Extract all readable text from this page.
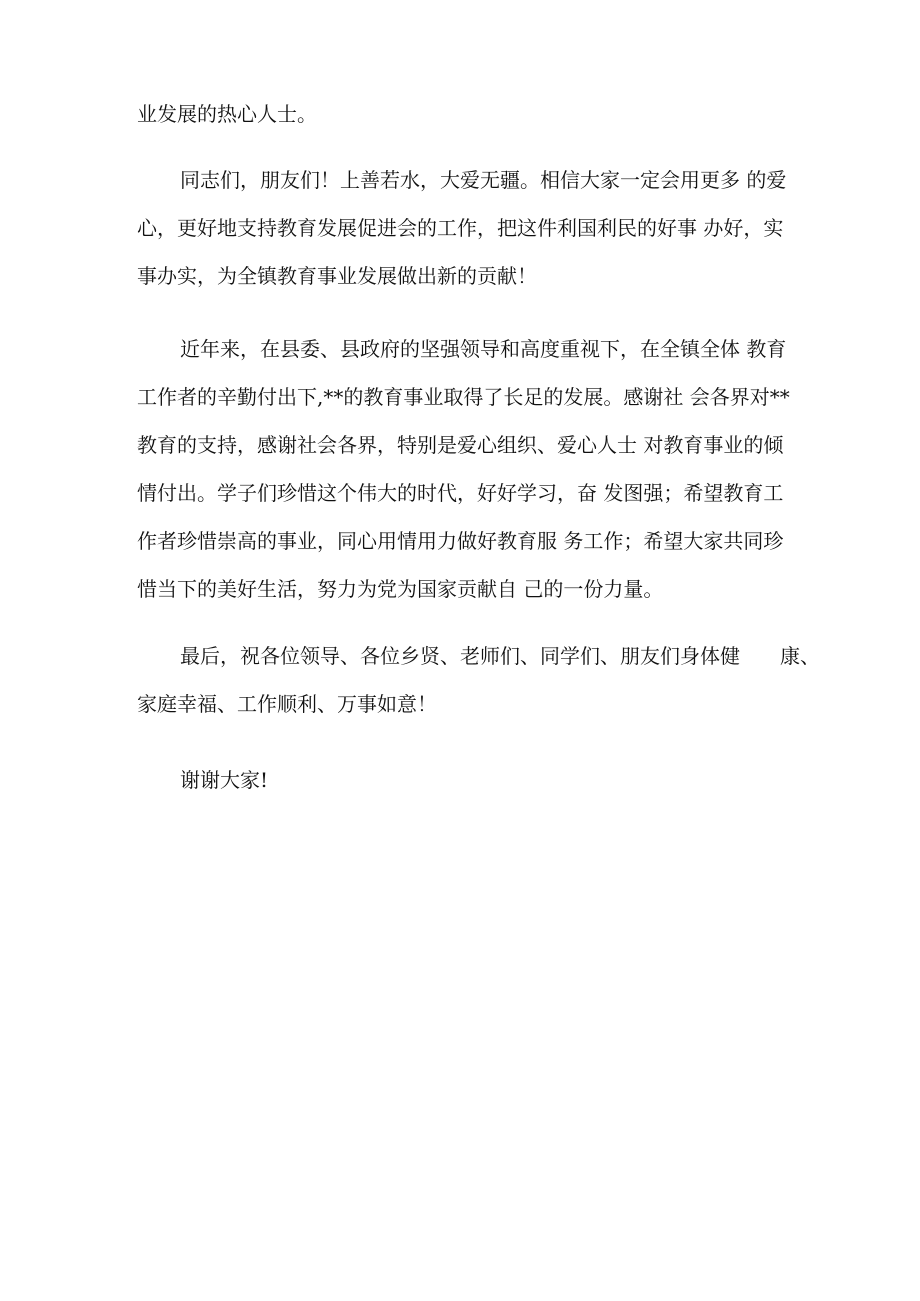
业发展的热心人士。
同志们，朋友们！上善若水，大爱无疆。相信大家一定会用更多 的爱
心，更好地支持教育发展促进会的工作，把这件利国利民的好事 办好，实
事办实，为全镇教育事业发展做出新的贡献！
近年来，在县委、县政府的坚强领导和高度重视下，在全镇全体 教育
工作者的辛勤付出下,**的教育事业取得了长足的发展。感谢社 会各界对**
教育的支持，感谢社会各界，特别是爱心组织、爱心人士 对教育事业的倾
情付出。学子们珍惜这个伟大的时代，好好学习，奋 发图强；希望教育工
作者珍惜崇高的事业，同心用情用力做好教育服 务工作；希望大家共同珍
惜当下的美好生活，努力为党为国家贡献自 己的一份力量。
最后，祝各位领导、各位乡贤、老师们、同学们、朋友们身体健　　康、
家庭幸福、工作顺利、万事如意！
谢谢大家!
